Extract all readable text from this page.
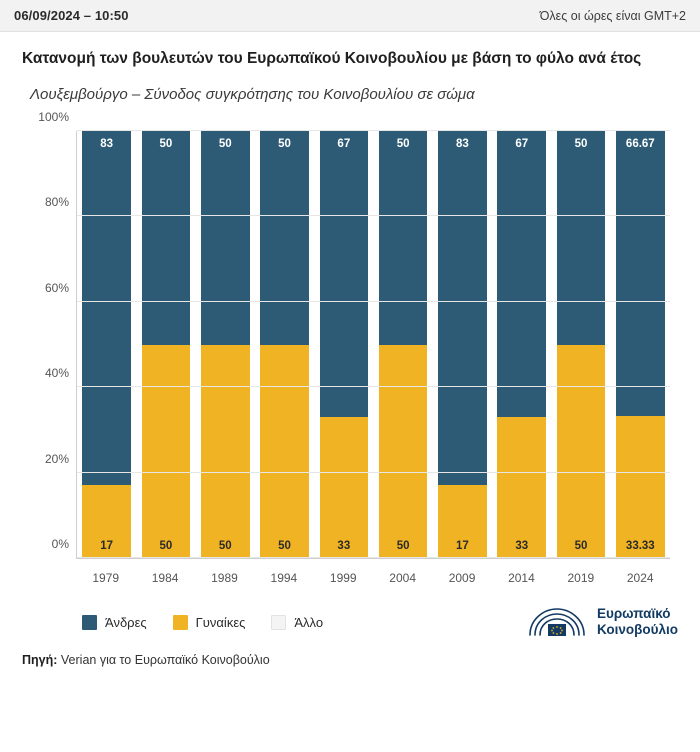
06/09/2024 – 10:50	Όλες οι ώρες είναι GMT+2
Κατανομή των βουλευτών του Ευρωπαϊκού Κοινοβουλίου με βάση το φύλο ανά έτος
Λουξεμβούργο – Σύνοδος συγκρότησης του Κοινοβουλίου σε σώμα
83
17
50
50
50
50
50
50
67
33
50
50
83
17
67
33
50
50
66.67
33.33
0%
20%
40%
60%
80%
100%
1979	1984	1989	1994	1999	2004	2009	2014	2019	2024
Άνδρες	Γυναίκες	Άλλο
Ευρωπαϊκό
Κοινοβούλιο
Πηγή: Verian για το Ευρωπαϊκό Κοινοβούλιο
